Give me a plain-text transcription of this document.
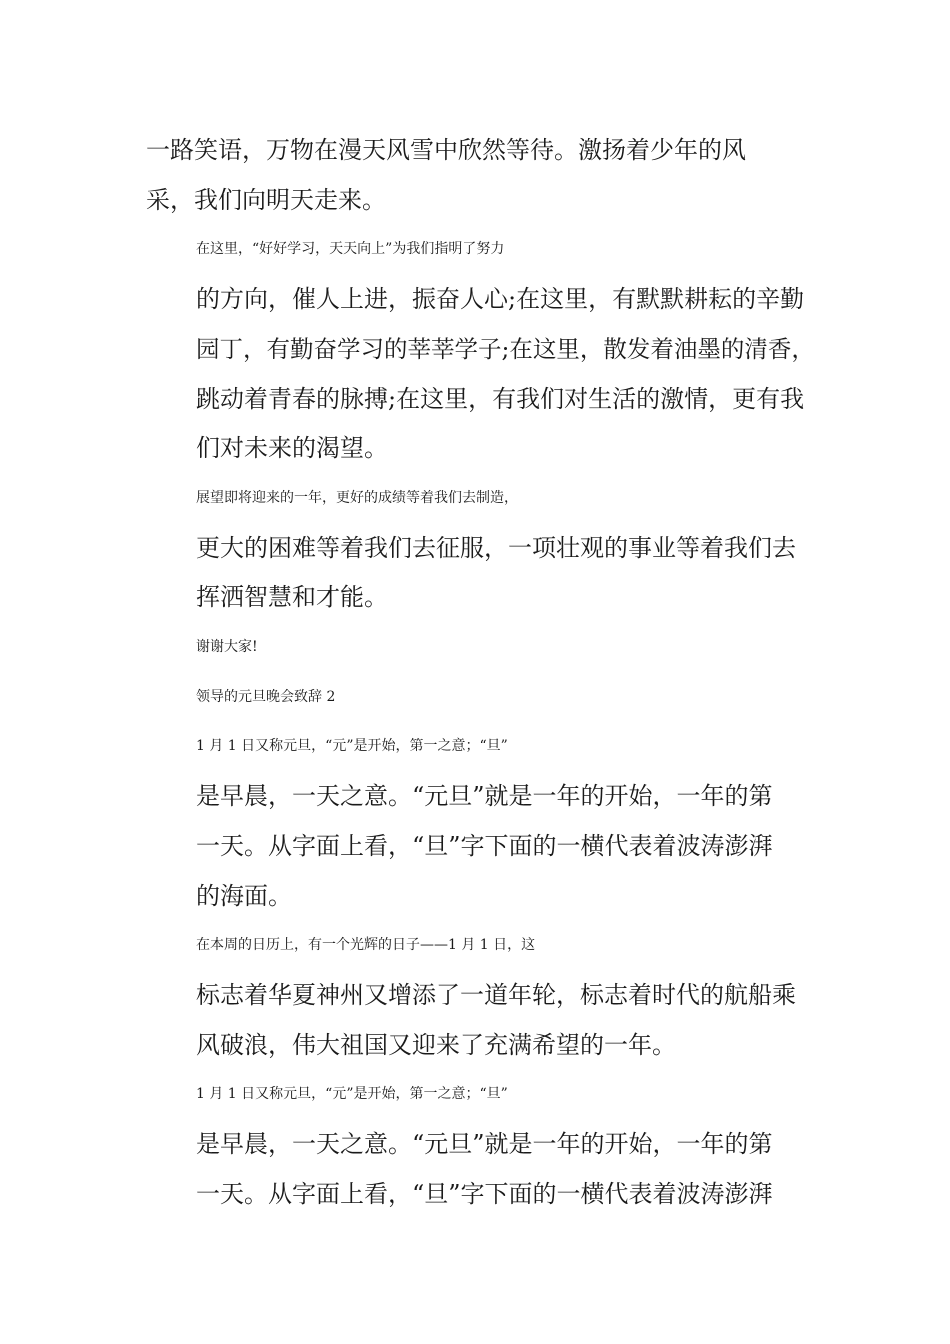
一路笑语，万物在漫天风雪中欣然等待。激扬着少年的风
采，我们向明天走来。

在这里，“好好学习，天天向上”为我们指明了努力
的方向，催人上进，振奋人心;在这里，有默默耕耘的辛勤
园丁，有勤奋学习的莘莘学子;在这里，散发着油墨的清香，
跳动着青春的脉搏;在这里，有我们对生活的激情，更有我
们对未来的渴望。

展望即将迎来的一年，更好的成绩等着我们去制造，
更大的困难等着我们去征服，一项壮观的事业等着我们去
挥洒智慧和才能。

谢谢大家!

领导的元旦晚会致辞 2

1 月 1 日又称元旦，“元”是开始，第一之意；“旦”
是早晨，一天之意。“元旦”就是一年的开始，一年的第
一天。从字面上看，“旦”字下面的一横代表着波涛澎湃
的海面。

在本周的日历上，有一个光辉的日子——1 月 1 日，这
标志着华夏神州又增添了一道年轮，标志着时代的航船乘
风破浪，伟大祖国又迎来了充满希望的一年。

1 月 1 日又称元旦，“元”是开始，第一之意；“旦”
是早晨，一天之意。“元旦”就是一年的开始，一年的第
一天。从字面上看，“旦”字下面的一横代表着波涛澎湃
